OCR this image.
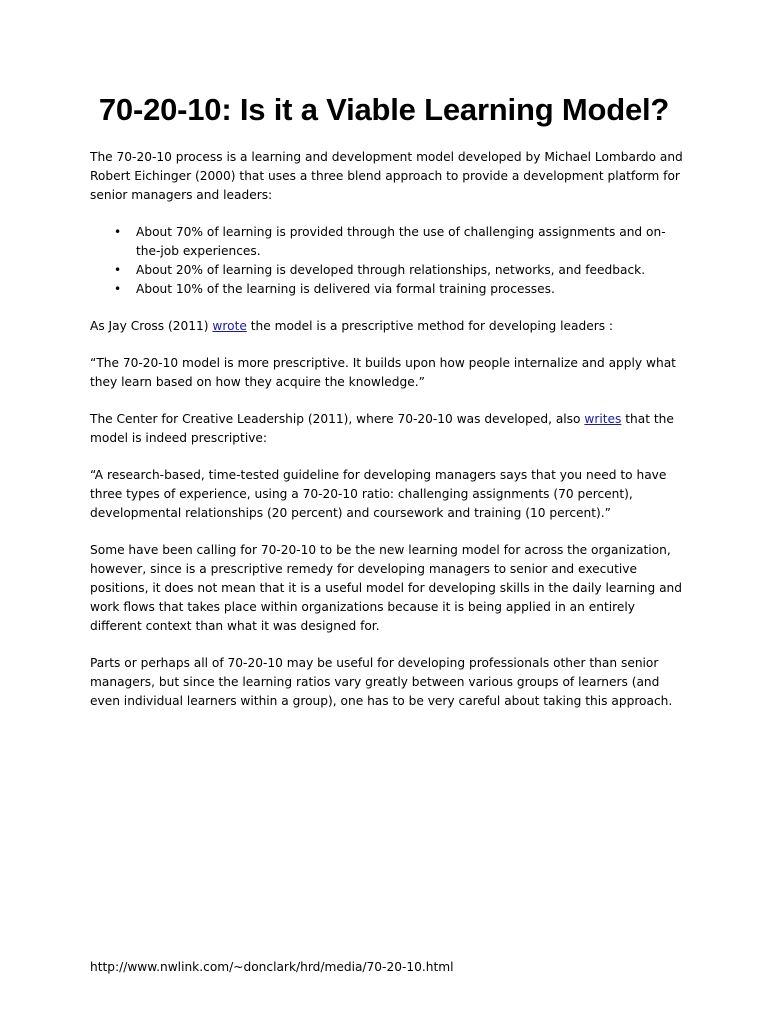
70-20-10: Is it a Viable Learning Model?

The 70-20-10 process is a learning and development model developed by Michael Lombardo and Robert Eichinger (2000) that uses a three blend approach to provide a development platform for senior managers and leaders:

• About 70% of learning is provided through the use of challenging assignments and on-the-job experiences.
• About 20% of learning is developed through relationships, networks, and feedback.
• About 10% of the learning is delivered via formal training processes.

As Jay Cross (2011) wrote the model is a prescriptive method for developing leaders :

“The 70-20-10 model is more prescriptive. It builds upon how people internalize and apply what they learn based on how they acquire the knowledge.”

The Center for Creative Leadership (2011), where 70-20-10 was developed, also writes that the model is indeed prescriptive:

“A research-based, time-tested guideline for developing managers says that you need to have three types of experience, using a 70-20-10 ratio: challenging assignments (70 percent), developmental relationships (20 percent) and coursework and training (10 percent).”

Some have been calling for 70-20-10 to be the new learning model for across the organization, however, since is a prescriptive remedy for developing managers to senior and executive positions, it does not mean that it is a useful model for developing skills in the daily learning and work flows that takes place within organizations because it is being applied in an entirely different context than what it was designed for.

Parts or perhaps all of 70-20-10 may be useful for developing professionals other than senior managers, but since the learning ratios vary greatly between various groups of learners (and even individual learners within a group), one has to be very careful about taking this approach.

http://www.nwlink.com/~donclark/hrd/media/70-20-10.html
